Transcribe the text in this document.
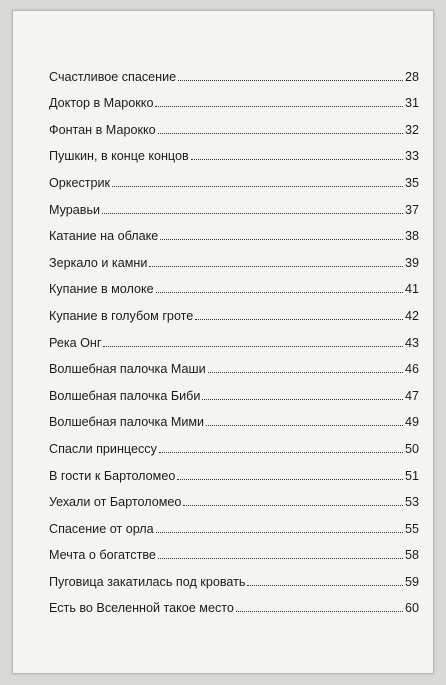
Счастливое спасение	28
Доктор в Марокко	31
Фонтан в Марокко	32
Пушкин, в конце концов	33
Оркестрик	35
Муравьи	37
Катание на облаке	38
Зеркало и камни	39
Купание в молоке	41
Купание в голубом гроте	42
Река Онг	43
Волшебная палочка Маши	46
Волшебная палочка Биби	47
Волшебная палочка Мими	49
Спасли принцессу	50
В гости к Бартоломео	51
Уехали от Бартоломео	53
Спасение от орла	55
Мечта о богатстве	58
Пуговица закатилась под кровать	59
Есть во Вселенной такое место	60
